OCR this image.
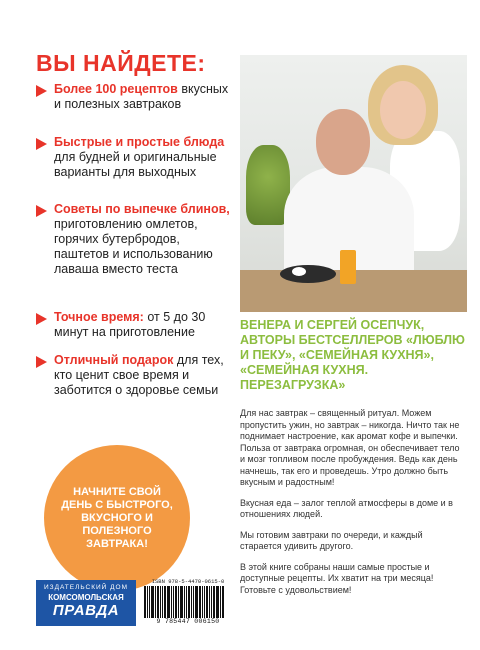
ВЫ НАЙДЕТЕ:
Более 100 рецептов вкусных и полезных завтраков
Быстрые и простые блюда для будней и оригинальные варианты для выходных
Советы по выпечке блинов, приготовлению омлетов, горячих бутербродов, паштетов и использованию лаваша вместо теста
Точное время: от 5 до 30 минут на приготовление
Отличный подарок для тех, кто ценит свое время и заботится о здоровье семьи
НАЧНИТЕ СВОЙ ДЕНЬ С БЫСТРОГО, ВКУСНОГО И ПОЛЕЗНОГО ЗАВТРАКА!
ИЗДАТЕЛЬСКИЙ ДОМ
КОМСОМОЛЬСКАЯ
ПРАВДА
ISBN 978-5-4470-0615-0
9 785447 006150
ВЕНЕРА И СЕРГЕЙ ОСЕПЧУК, АВТОРЫ БЕСТСЕЛЛЕРОВ «ЛЮБЛЮ И ПЕКУ», «СЕМЕЙНАЯ КУХНЯ», «СЕМЕЙНАЯ КУХНЯ. ПЕРЕЗАГРУЗКА»

Для нас завтрак – священный ритуал. Можем пропустить ужин, но завтрак – никогда. Ничто так не поднимает настроение, как аромат кофе и выпечки. Польза от завтрака огромная, он обеспечивает тело и мозг топливом после пробуждения. Ведь как день начнешь, так его и проведешь. Утро должно быть вкусным и радостным!

Вкусная еда – залог теплой атмосферы в доме и в отношениях людей.

Мы готовим завтраки по очереди, и каждый старается удивить другого.

В этой книге собраны наши самые простые и доступные рецепты. Их хватит на три месяца! Готовьте с удовольствием!
